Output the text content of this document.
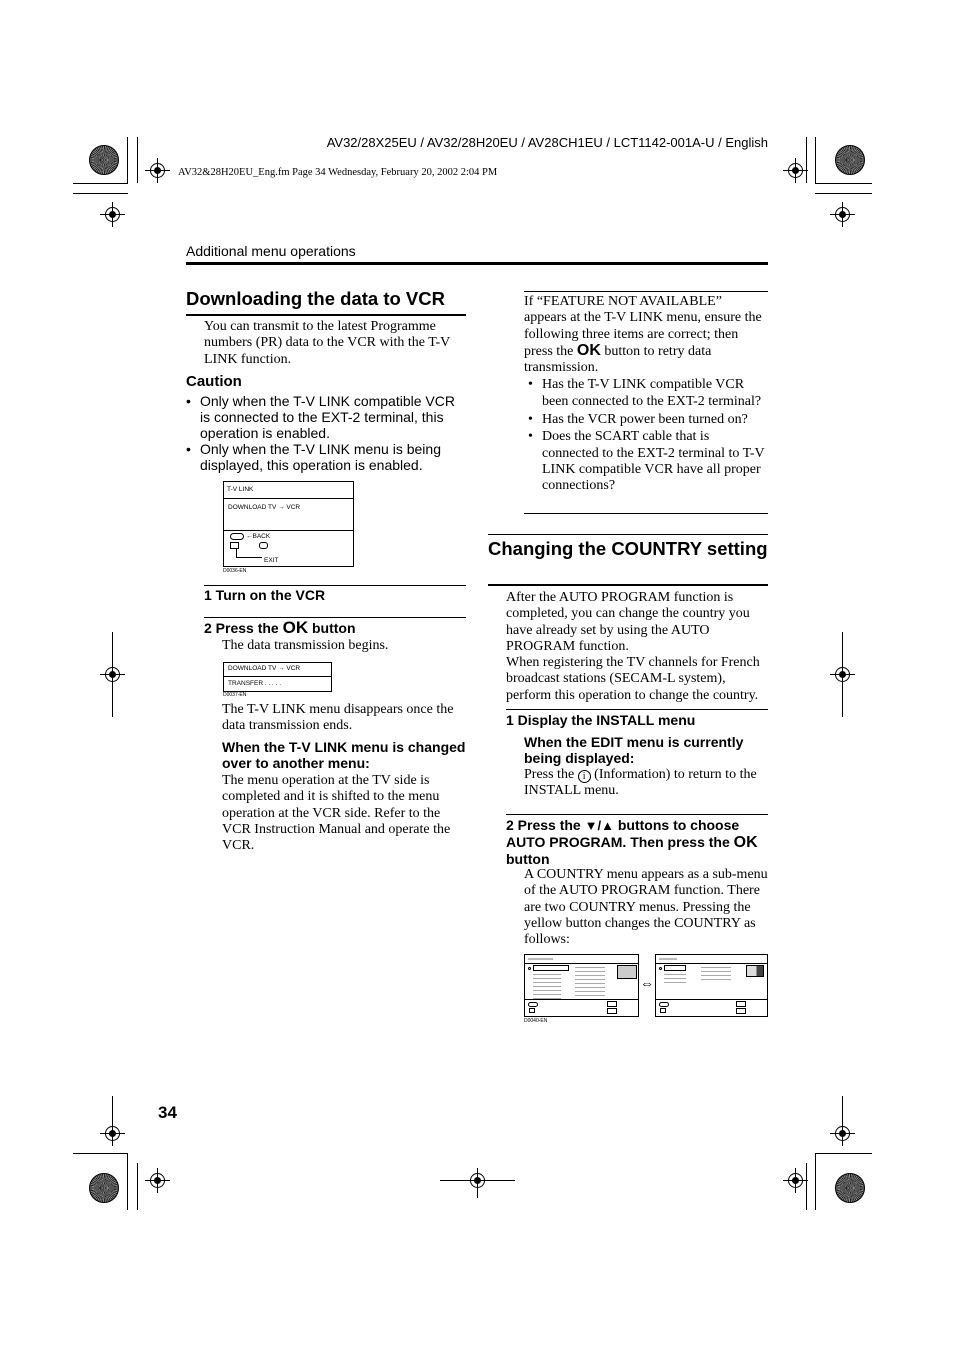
AV32/28X25EU / AV32/28H20EU / AV28CH1EU / LCT1142-001A-U / English
AV32&28H20EU_Eng.fm Page 34 Wednesday, February 20, 2002 2:04 PM
Additional menu operations
Downloading the data to VCR
You can transmit to the latest Programme numbers (PR) data to the VCR with the T-V LINK function.
Caution
• Only when the T-V LINK compatible VCR is connected to the EXT-2 terminal, this operation is enabled.
• Only when the T-V LINK menu is being displayed, this operation is enabled.
T-V LINK
DOWNLOAD TV → VCR
←BACK
EXIT
D0036-EN
1 Turn on the VCR
2 Press the OK button
The data transmission begins.
DOWNLOAD TV → VCR
TRANSFER . . . . .
D0037-EN
The T-V LINK menu disappears once the data transmission ends.
When the T-V LINK menu is changed over to another menu:
The menu operation at the TV side is completed and it is shifted to the menu operation at the VCR side. Refer to the VCR Instruction Manual and operate the VCR.
If “FEATURE NOT AVAILABLE” appears at the T-V LINK menu, ensure the following three items are correct; then press the OK button to retry data transmission.
• Has the T-V LINK compatible VCR been connected to the EXT-2 terminal?
• Has the VCR power been turned on?
• Does the SCART cable that is connected to the EXT-2 terminal to T-V LINK compatible VCR have all proper connections?
Changing the COUNTRY setting
After the AUTO PROGRAM function is completed, you can change the country you have already set by using the AUTO PROGRAM function.
When registering the TV channels for French broadcast stations (SECAM-L system), perform this operation to change the country.
1 Display the INSTALL menu
When the EDIT menu is currently being displayed:
Press the i (Information) to return to the INSTALL menu.
2 Press the ▼/▲ buttons to choose AUTO PROGRAM. Then press the OK button
A COUNTRY menu appears as a sub-menu of the AUTO PROGRAM function. There are two COUNTRY menus. Pressing the yellow button changes the COUNTRY as follows:
⇔
D0040-EN
34
